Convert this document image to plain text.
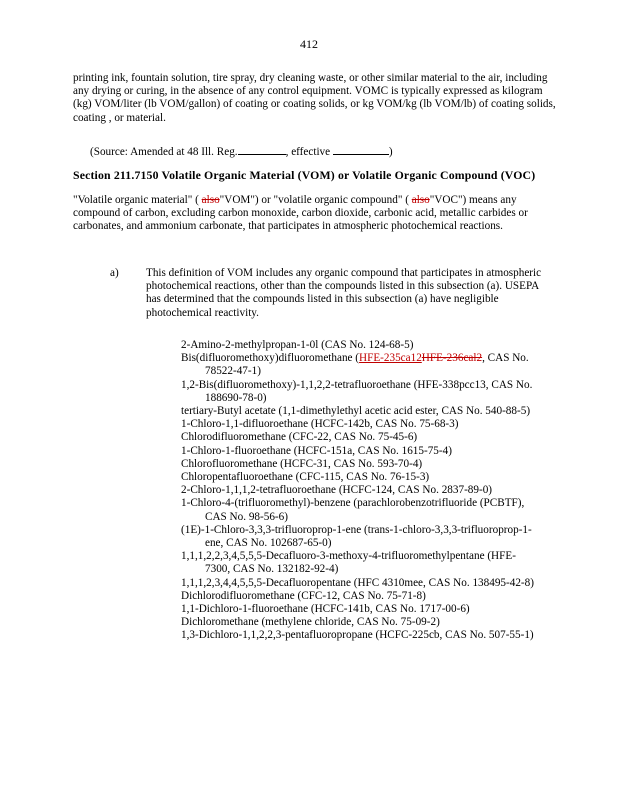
412
printing ink, fountain solution, tire spray, dry cleaning waste, or other similar material to the air, including any drying or curing, in the absence of any control equipment. VOMC is typically expressed as kilogram (kg) VOM/liter (lb VOM/gallon) of coating or coating solids, or kg VOM/kg (lb VOM/lb) of coating solids, coating , or material.
(Source: Amended at 48 Ill. Reg.	, effective	)
Section 211.7150 Volatile Organic Material (VOM) or Volatile Organic Compound (VOC)
"Volatile organic material" ( also"VOM") or "volatile organic compound" ( also"VOC") means any compound of carbon, excluding carbon monoxide, carbon dioxide, carbonic acid, metallic carbides or carbonates, and ammonium carbonate, that participates in atmospheric photochemical reactions.
a) This definition of VOM includes any organic compound that participates in atmospheric photochemical reactions, other than the compounds listed in this subsection (a). USEPA has determined that the compounds listed in this subsection (a) have negligible photochemical reactivity.
2-Amino-2-methylpropan-1-0l (CAS No. 124-68-5)
Bis(difluoromethoxy)difluoromethane (HFE-235ca12HFE-236cal2, CAS No. 78522-47-1)
1,2-Bis(difluoromethoxy)-1,1,2,2-tetrafluoroethane (HFE-338pcc13, CAS No. 188690-78-0)
tertiary-Butyl acetate (1,1-dimethylethyl acetic acid ester, CAS No. 540-88-5)
1-Chloro-1,1-difluoroethane (HCFC-142b, CAS No. 75-68-3)
Chlorodifluoromethane (CFC-22, CAS No. 75-45-6)
1-Chloro-1-fluoroethane (HCFC-151a, CAS No. 1615-75-4)
Chlorofluoromethane (HCFC-31, CAS No. 593-70-4)
Chloropentafluoroethane (CFC-115, CAS No. 76-15-3)
2-Chloro-1,1,1,2-tetrafluoroethane (HCFC-124, CAS No. 2837-89-0)
1-Chloro-4-(trifluoromethyl)-benzene (parachlorobenzotrifluoride (PCBTF), CAS No. 98-56-6)
(1E)-1-Chloro-3,3,3-trifluoroprop-1-ene (trans-1-chloro-3,3,3-trifluoroprop-1-ene, CAS No. 102687-65-0)
1,1,1,2,2,3,4,5,5,5-Decafluoro-3-methoxy-4-trifluoromethylpentane (HFE-7300, CAS No. 132182-92-4)
1,1,1,2,3,4,4,5,5,5-Decafluoropentane (HFC 4310mee, CAS No. 138495-42-8)
Dichlorodifluoromethane (CFC-12, CAS No. 75-71-8)
1,1-Dichloro-1-fluoroethane (HCFC-141b, CAS No. 1717-00-6)
Dichloromethane (methylene chloride, CAS No. 75-09-2)
1,3-Dichloro-1,1,2,2,3-pentafluoropropane (HCFC-225cb, CAS No. 507-55-1)
